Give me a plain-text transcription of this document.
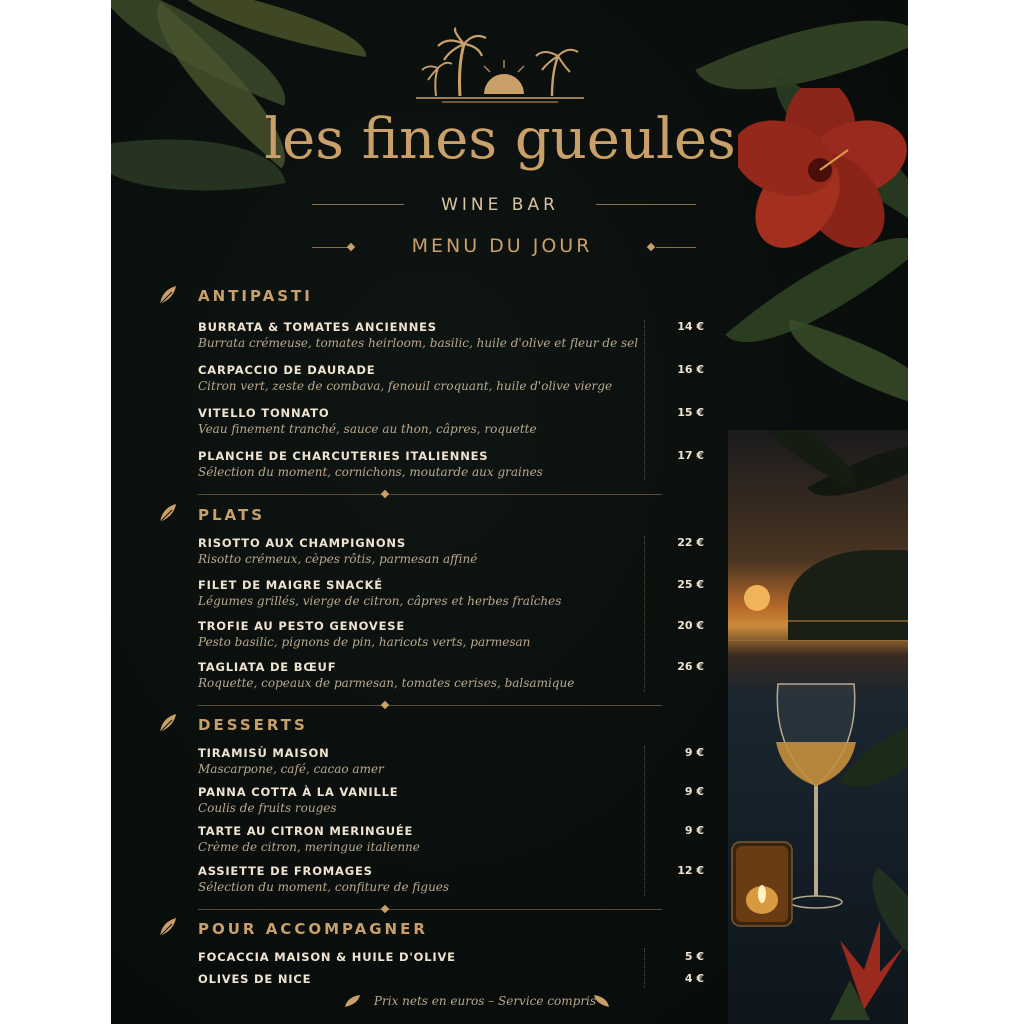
les fines gueules
WINE BAR
MENU DU JOUR
ANTIPASTI
BURRATA & TOMATES ANCIENNES
Burrata crémeuse, tomates heirloom, basilic, huile d'olive et fleur de sel
14 €
CARPACCIO DE DAURADE
Citron vert, zeste de combava, fenouil croquant, huile d'olive vierge
16 €
VITELLO TONNATO
Veau finement tranché, sauce au thon, câpres, roquette
15 €
PLANCHE DE CHARCUTERIES ITALIENNES
Sélection du moment, cornichons, moutarde aux graines
17 €
PLATS
RISOTTO AUX CHAMPIGNONS
Risotto crémeux, cèpes rôtis, parmesan affiné
22 €
FILET DE MAIGRE SNACKÉ
Légumes grillés, vierge de citron, câpres et herbes fraîches
25 €
TROFIE AU PESTO GENOVESE
Pesto basilic, pignons de pin, haricots verts, parmesan
20 €
TAGLIATA DE BŒUF
Roquette, copeaux de parmesan, tomates cerises, balsamique
26 €
DESSERTS
TIRAMISÙ MAISON
Mascarpone, café, cacao amer
9 €
PANNA COTTA À LA VANILLE
Coulis de fruits rouges
9 €
TARTE AU CITRON MERINGUÉE
Crème de citron, meringue italienne
9 €
ASSIETTE DE FROMAGES
Sélection du moment, confiture de figues
12 €
POUR ACCOMPAGNER
FOCACCIA MAISON & HUILE D'OLIVE	5 €
OLIVES DE NICE	4 €
Prix nets en euros – Service compris
